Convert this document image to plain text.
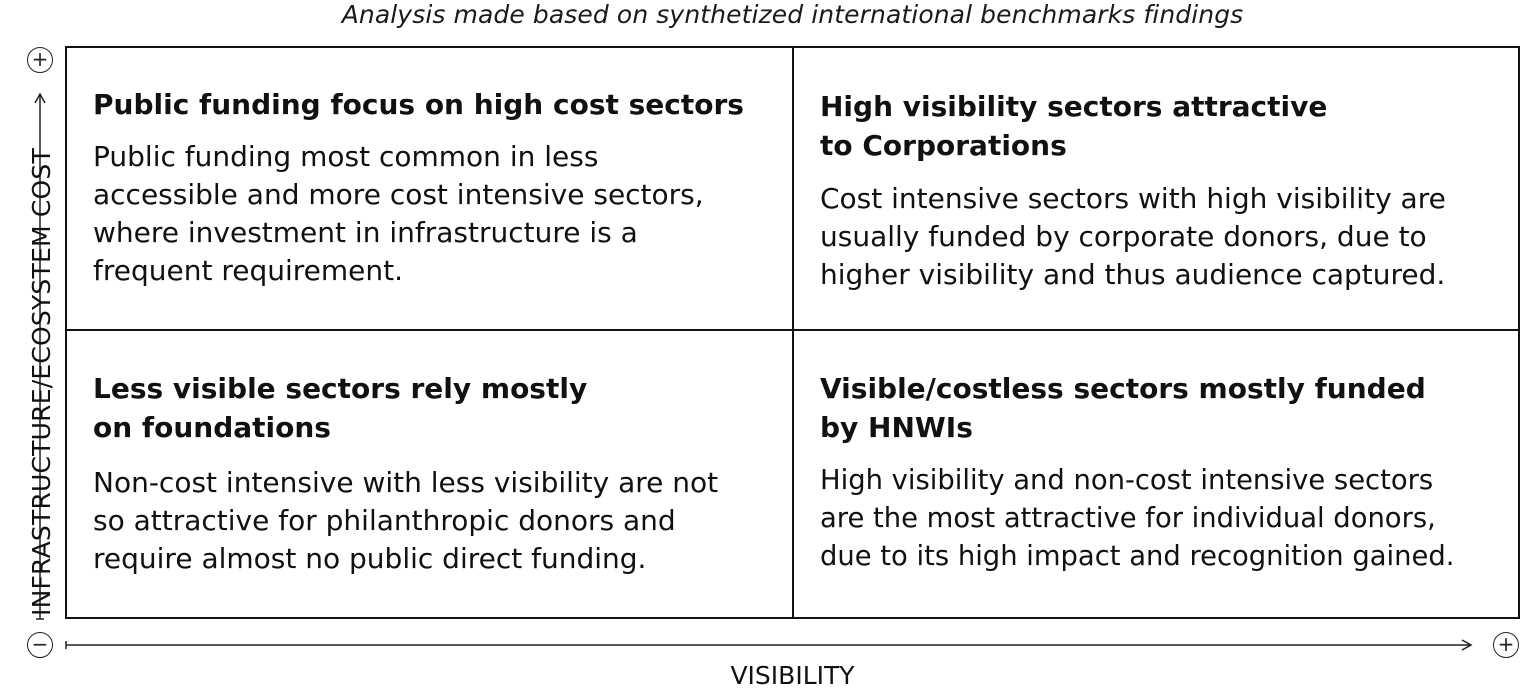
Analysis made based on synthetized international benchmarks findings
+
−	+
INFRASTRUCTURE/ECOSYSTEM COST
VISIBILITY

Public funding focus on high cost sectors

Public funding most common in less
accessible and more cost intensive sectors,
where investment in infrastructure is a
frequent requirement.

High visibility sectors attractive
to Corporations

Cost intensive sectors with high visibility are
usually funded by corporate donors, due to
higher visibility and thus audience captured.

Less visible sectors rely mostly
on foundations

Non-cost intensive with less visibility are not
so attractive for philanthropic donors and
require almost no public direct funding.

Visible/costless sectors mostly funded
by HNWIs

High visibility and non-cost intensive sectors
are the most attractive for individual donors,
due to its high impact and recognition gained.
